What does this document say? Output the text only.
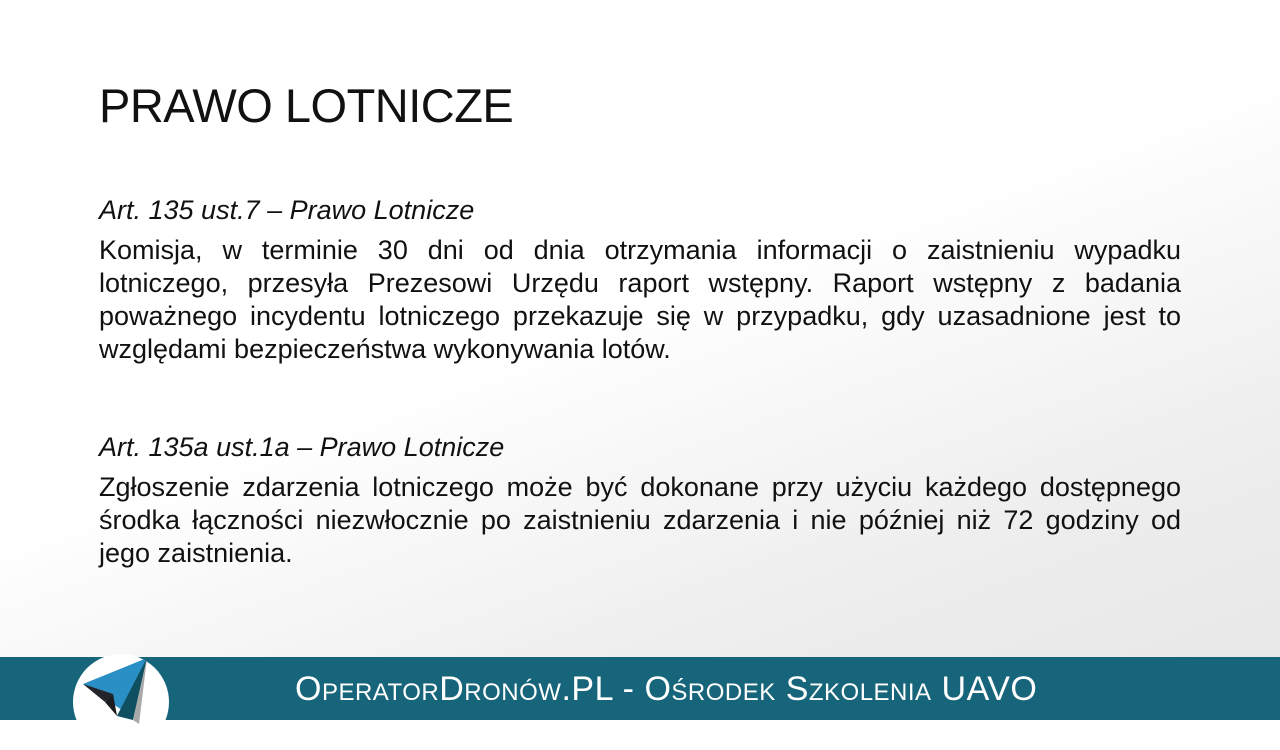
PRAWO LOTNICZE

Art. 135 ust.7 – Prawo Lotnicze

Komisja, w terminie 30 dni od dnia otrzymania informacji o zaistnieniu wypadku lotniczego, przesyła Prezesowi Urzędu raport wstępny. Raport wstępny z badania poważnego incydentu lotniczego przekazuje się w przypadku, gdy uzasadnione jest to względami bezpieczeństwa wykonywania lotów.

Art. 135a ust.1a – Prawo Lotnicze

Zgłoszenie zdarzenia lotniczego może być dokonane przy użyciu każdego dostępnego środka łączności niezwłocznie po zaistnieniu zdarzenia i nie później niż 72 godziny od jego zaistnienia.

OperatorDronów.PL - Ośrodek Szkolenia UAVO
